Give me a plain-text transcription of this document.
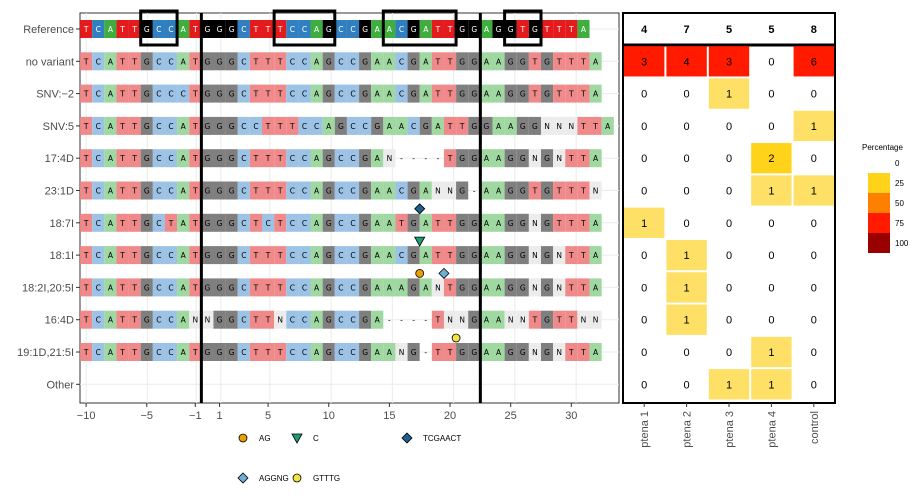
Reference T C A T T G C C A T G G G C T T T C C A G C C G A A C G A T T G G A G G T G T T T A
no variant T C A T T G C C A T G G G C T T T C C A G C C G A A C G A T T G G A A G G T G T T T A
SNV:−2 T C A T T G C C C T G G G C T T T C C A G C C G A A C G A T T G G A A G G T G T T T A
SNV:5 T C A T T G C C A T G G G C C T T T C C A G C C G A A C G A T T G G A A G G N N N T T A
17:4D T C A T T G C C A T G G G C T T T C C A G C C G A N - - - - T G G A A G G N G N T T A
23:1D T C A T T G C C A T G G G C T T T C C A G C C G A A C G A N N G - A A G G T G T T T N
18:7I T C A T T G C T A T G G G C T C T C C A G C C G A A T G A T T G G A A G G N G T T T A
18:1I T C A T T G C C A T G G G C T T T C C A G C C G A A C G A T T G G A A G G N G N T T A
18:2I,20:5I T C A T T G C C A T G G G C T T T C C A G C C G A A A G A N T G G A A G G N G N T T A
16:4D T C A T T G C C A N N G G C T T N C C A G C C G A - - - - T N N G A A N N T G T T N N
19:1D,21:5I T C A T T G C C A T G G G C T T T C C A G C C G A A N G - T T G G A A G G N G N T T A
Other
−10	−5	−1 1	5	10	15	20	25	30
4	7	5	5	8
3	4	3	0	6
0	0	1	0	0
0	0	0	0	1
0	0	0	2	0
0	0	0	1	1
1	0	0	0	0
0	1	0	0	0
0	1	0	0	0
0	1	0	0	0
0	0	0	1	0
0	0	1	1	0
ptena 1	ptena 2	ptena 3	ptena 4	control
Percentage
0
25
50
75
100
AG	C	TCGAACT
AGGNG	GTTTG
